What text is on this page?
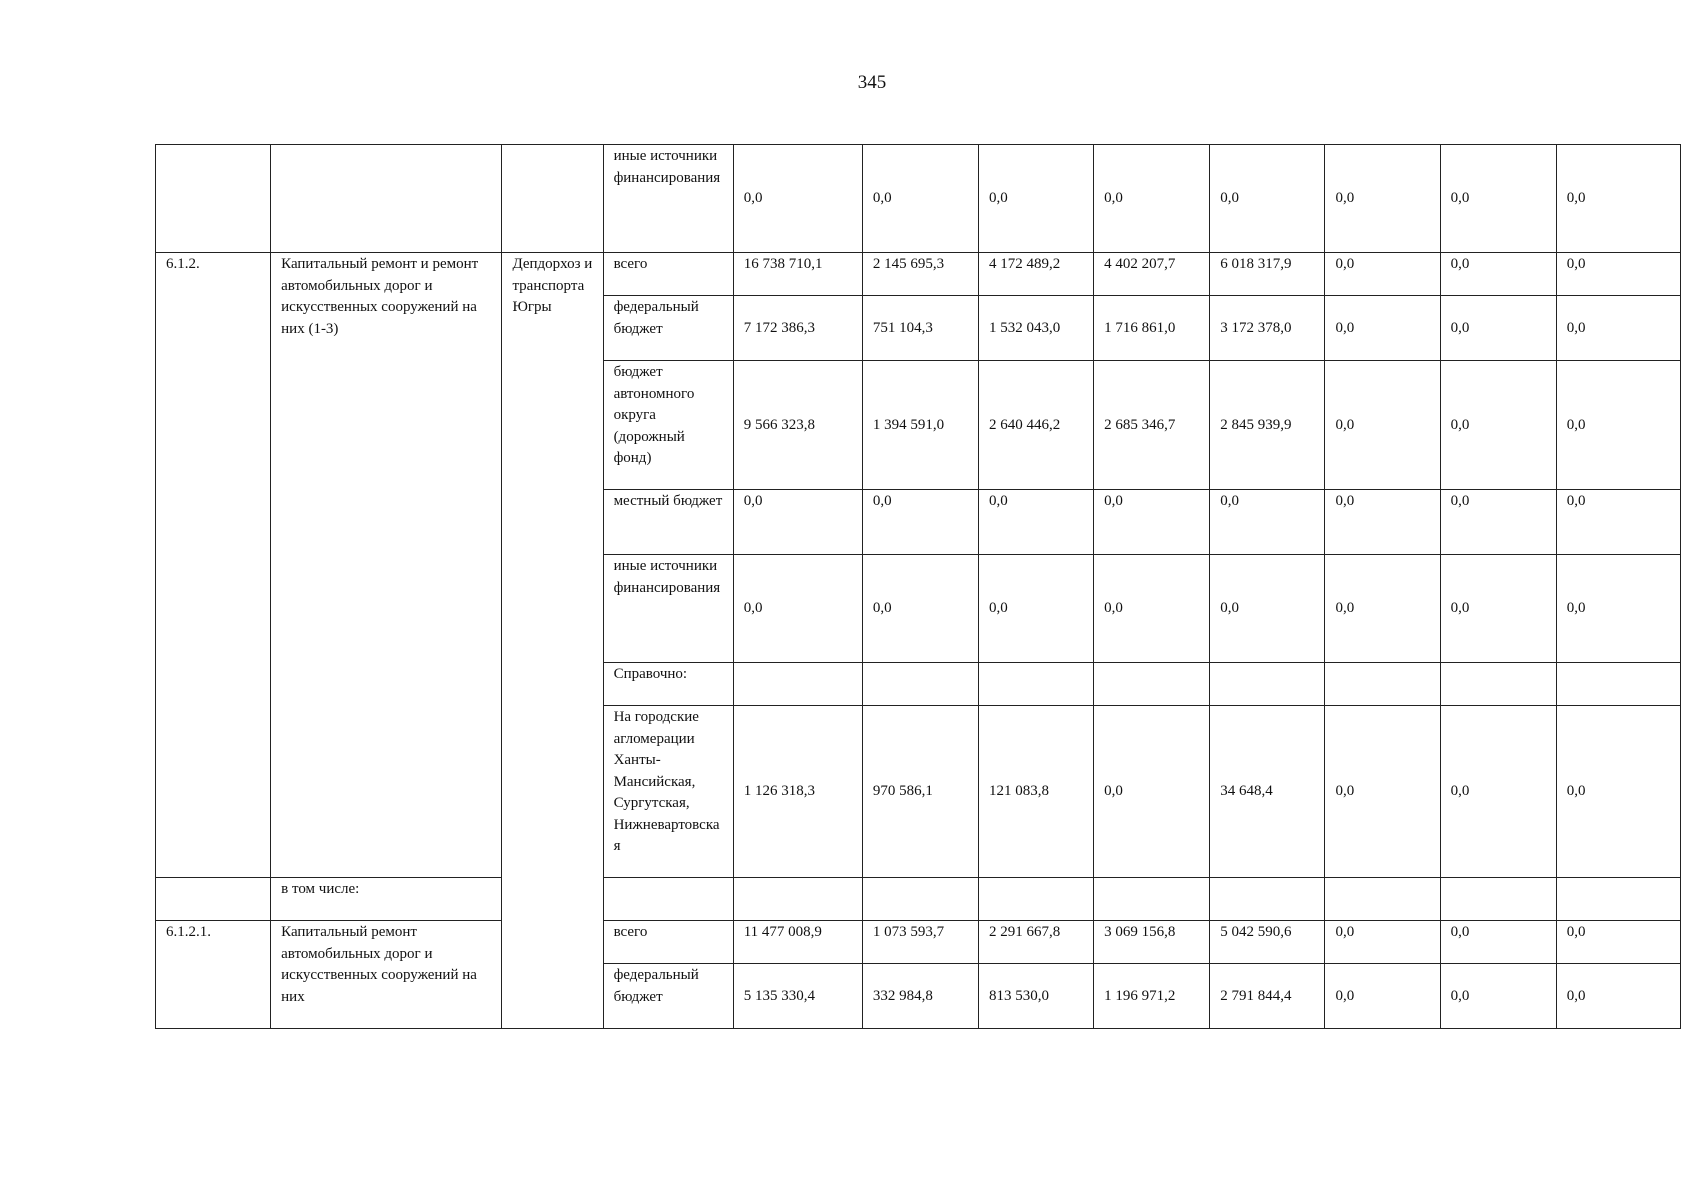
345
			иные источники финансирования	0,0	0,0	0,0	0,0	0,0	0,0	0,0	0,0
6.1.2.	Капитальный ремонт и ремонт автомобильных дорог и искусственных сооружений на них (1-3)	Депдорхоз и транспорта Югры	всего	16 738 710,1	2 145 695,3	4 172 489,2	4 402 207,7	6 018 317,9	0,0	0,0	0,0
			федеральный бюджет	7 172 386,3	751 104,3	1 532 043,0	1 716 861,0	3 172 378,0	0,0	0,0	0,0
			бюджет автономного округа (дорожный фонд)	9 566 323,8	1 394 591,0	2 640 446,2	2 685 346,7	2 845 939,9	0,0	0,0	0,0
			местный бюджет	0,0	0,0	0,0	0,0	0,0	0,0	0,0	0,0
			иные источники финансирования	0,0	0,0	0,0	0,0	0,0	0,0	0,0	0,0
			Справочно:								
			На городские агломерации Ханты-Мансийская, Сургутская, Нижневартовская	1 126 318,3	970 586,1	121 083,8	0,0	34 648,4	0,0	0,0	0,0
	в том числе:										
6.1.2.1.	Капитальный ремонт автомобильных дорог и искусственных сооружений на них		всего	11 477 008,9	1 073 593,7	2 291 667,8	3 069 156,8	5 042 590,6	0,0	0,0	0,0
			федеральный бюджет	5 135 330,4	332 984,8	813 530,0	1 196 971,2	2 791 844,4	0,0	0,0	0,0
